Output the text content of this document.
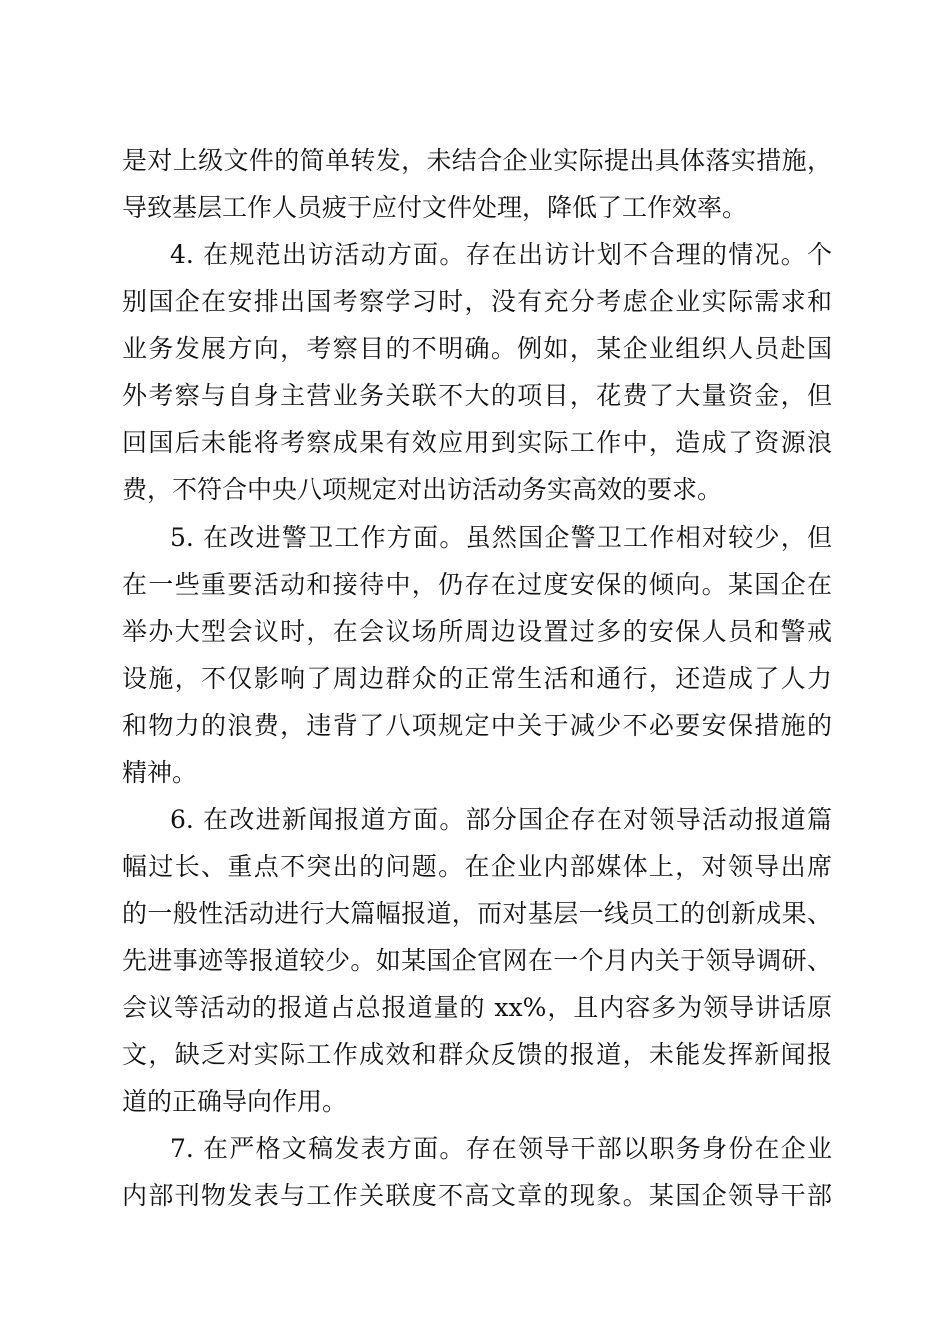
是对上级文件的简单转发，未结合企业实际提出具体落实措施，
导致基层工作人员疲于应付文件处理，降低了工作效率。
4. 在规范出访活动方面。存在出访计划不合理的情况。个
别国企在安排出国考察学习时，没有充分考虑企业实际需求和
业务发展方向，考察目的不明确。例如，某企业组织人员赴国
外考察与自身主营业务关联不大的项目，花费了大量资金，但
回国后未能将考察成果有效应用到实际工作中，造成了资源浪
费，不符合中央八项规定对出访活动务实高效的要求。
5. 在改进警卫工作方面。虽然国企警卫工作相对较少，但
在一些重要活动和接待中，仍存在过度安保的倾向。某国企在
举办大型会议时，在会议场所周边设置过多的安保人员和警戒
设施，不仅影响了周边群众的正常生活和通行，还造成了人力
和物力的浪费，违背了八项规定中关于减少不必要安保措施的
精神。
6. 在改进新闻报道方面。部分国企存在对领导活动报道篇
幅过长、重点不突出的问题。在企业内部媒体上，对领导出席
的一般性活动进行大篇幅报道，而对基层一线员工的创新成果、
先进事迹等报道较少。如某国企官网在一个月内关于领导调研、
会议等活动的报道占总报道量的 xx%，且内容多为领导讲话原
文，缺乏对实际工作成效和群众反馈的报道，未能发挥新闻报
道的正确导向作用。
7. 在严格文稿发表方面。存在领导干部以职务身份在企业
内部刊物发表与工作关联度不高文章的现象。某国企领导干部
